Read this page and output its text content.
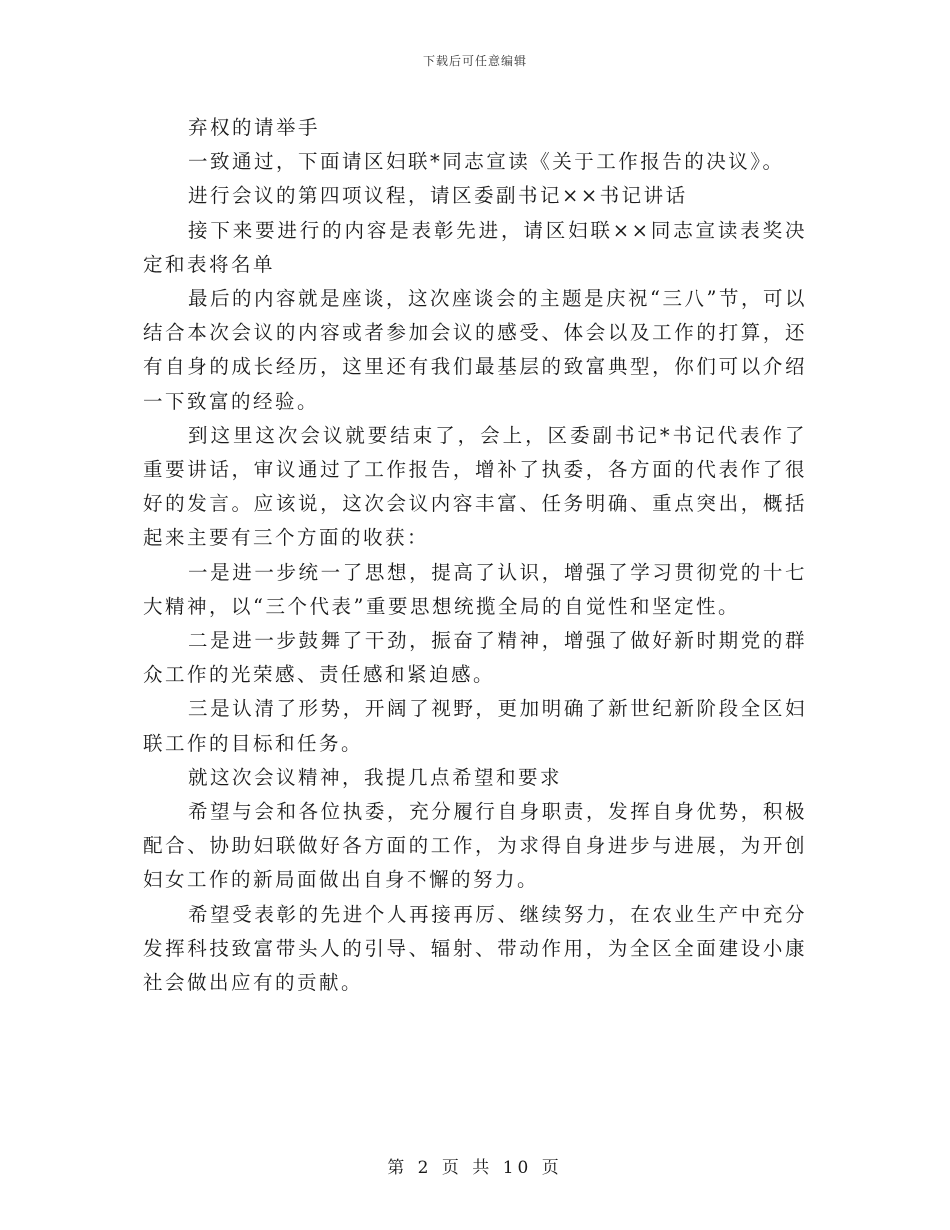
下载后可任意编辑

弃权的请举手

一致通过，下面请区妇联*同志宣读《关于工作报告的决议》。

进行会议的第四项议程，请区委副书记××书记讲话

接下来要进行的内容是表彰先进，请区妇联××同志宣读表奖决定和表将名单

最后的内容就是座谈，这次座谈会的主题是庆祝“三八”节，可以结合本次会议的内容或者参加会议的感受、体会以及工作的打算，还有自身的成长经历，这里还有我们最基层的致富典型，你们可以介绍一下致富的经验。

到这里这次会议就要结束了，会上，区委副书记*书记代表作了重要讲话，审议通过了工作报告，增补了执委，各方面的代表作了很好的发言。应该说，这次会议内容丰富、任务明确、重点突出，概括起来主要有三个方面的收获：

一是进一步统一了思想，提高了认识，增强了学习贯彻党的十七大精神，以“三个代表”重要思想统揽全局的自觉性和坚定性。

二是进一步鼓舞了干劲，振奋了精神，增强了做好新时期党的群众工作的光荣感、责任感和紧迫感。

三是认清了形势，开阔了视野，更加明确了新世纪新阶段全区妇联工作的目标和任务。

就这次会议精神，我提几点希望和要求

希望与会和各位执委，充分履行自身职责，发挥自身优势，积极配合、协助妇联做好各方面的工作，为求得自身进步与进展，为开创妇女工作的新局面做出自身不懈的努力。

希望受表彰的先进个人再接再厉、继续努力，在农业生产中充分发挥科技致富带头人的引导、辐射、带动作用，为全区全面建设小康社会做出应有的贡献。

第 2 页 共 10 页
